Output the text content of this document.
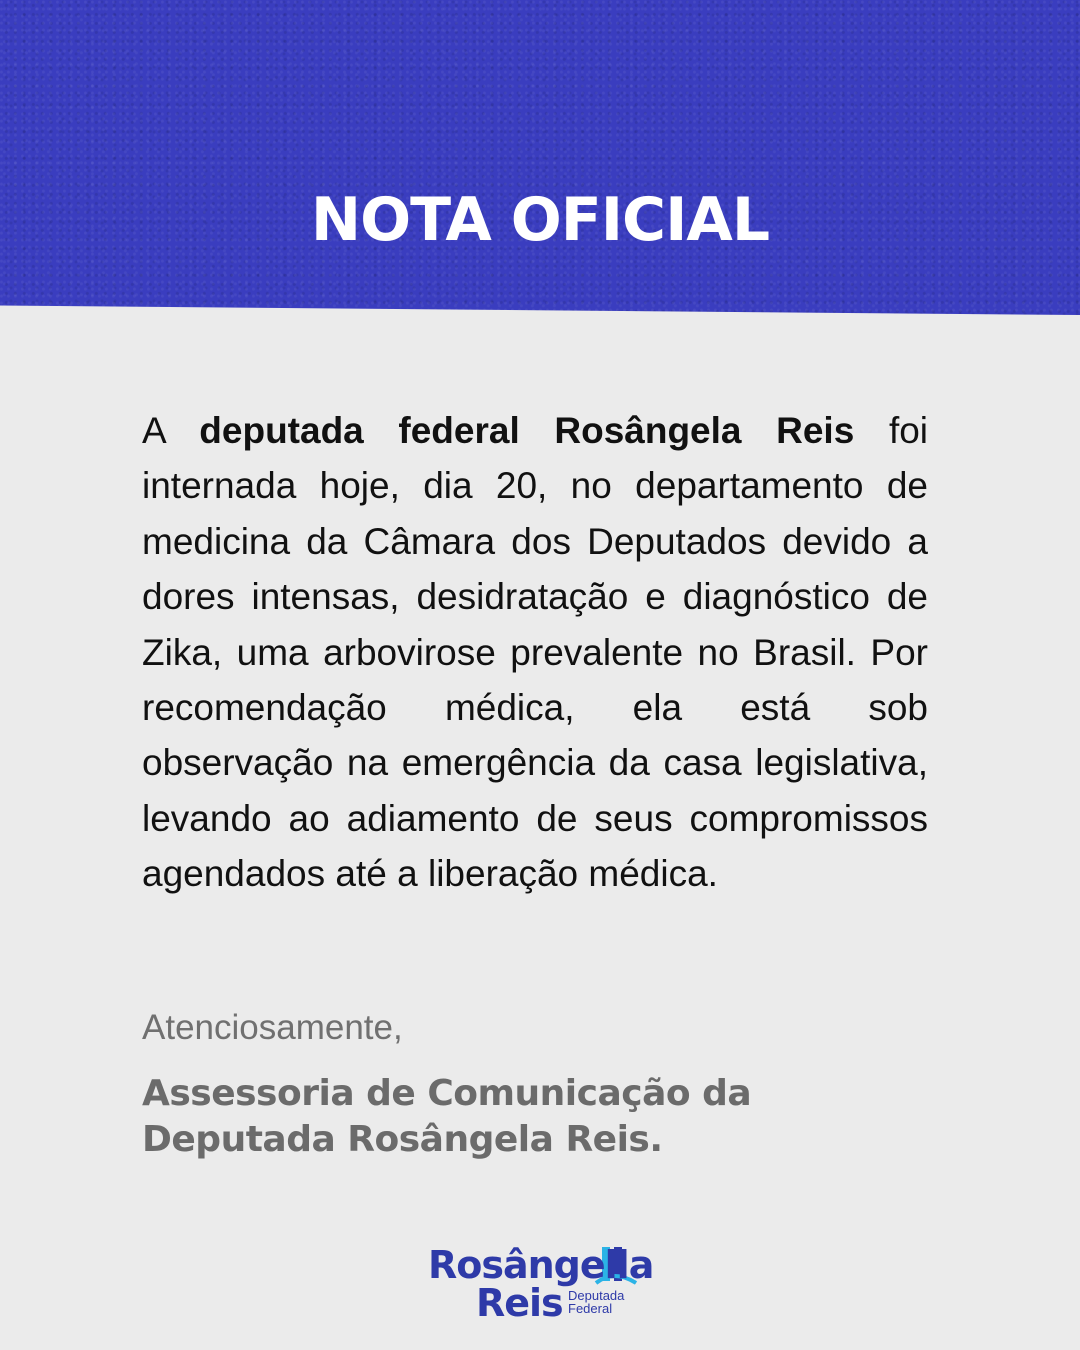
NOTA OFICIAL
A deputada federal Rosângela Reis foi internada hoje, dia 20, no departamento de medicina da Câmara dos Deputados devido a dores intensas, desidratação e diagnóstico de Zika, uma arbovirose prevalente no Brasil. Por recomendação médica, ela está sob observação na emergência da casa legislativa, levando ao adiamento de seus compromissos agendados até a liberação médica.
Atenciosamente,
Assessoria de Comunicação da
Deputada Rosângela Reis.
Rosângella
Reis Deputada
Federal
